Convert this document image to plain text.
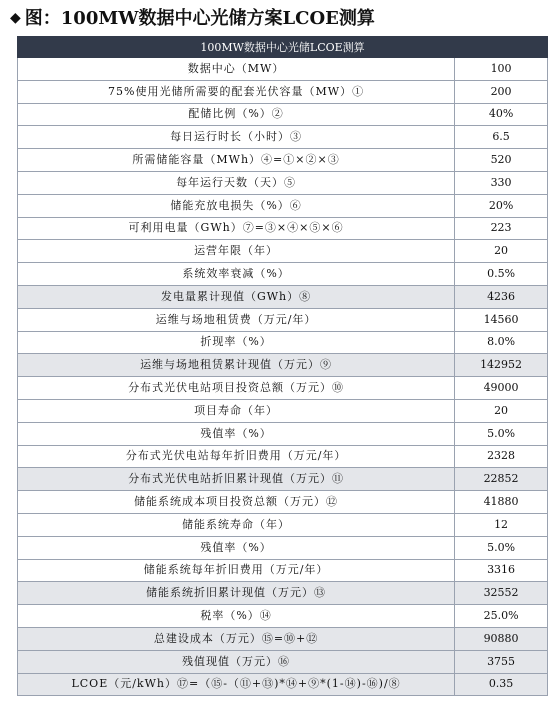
◆ 图：100MW数据中心光储方案LCOE测算
100MW数据中心光储LCOE测算	
数据中心（MW）	100
75%使用光储所需要的配套光伏容量（MW）①	200
配储比例（%）②	40%
每日运行时长（小时）③	6.5
所需储能容量（MWh）④=①×②×③	520
每年运行天数（天）⑤	330
储能充放电损失（%）⑥	20%
可利用电量（GWh）⑦=③×④×⑤×⑥	223
运营年限（年）	20
系统效率衰减（%）	0.5%
发电量累计现值（GWh）⑧	4236
运维与场地租赁费（万元/年）	14560
折现率（%）	8.0%
运维与场地租赁累计现值（万元）⑨	142952
分布式光伏电站项目投资总额（万元）⑩	49000
项目寿命（年）	20
残值率（%）	5.0%
分布式光伏电站每年折旧费用（万元/年）	2328
分布式光伏电站折旧累计现值（万元）⑪	22852
储能系统成本项目投资总额（万元）⑫	41880
储能系统寿命（年）	12
残值率（%）	5.0%
储能系统每年折旧费用（万元/年）	3316
储能系统折旧累计现值（万元）⑬	32552
税率（%）⑭	25.0%
总建设成本（万元）⑮=⑩+⑫	90880
残值现值（万元）⑯	3755
LCOE（元/kWh）⑰=（⑮-（⑪+⑬)*⑭+⑨*(1-⑭)-⑯)/⑧	0.35
